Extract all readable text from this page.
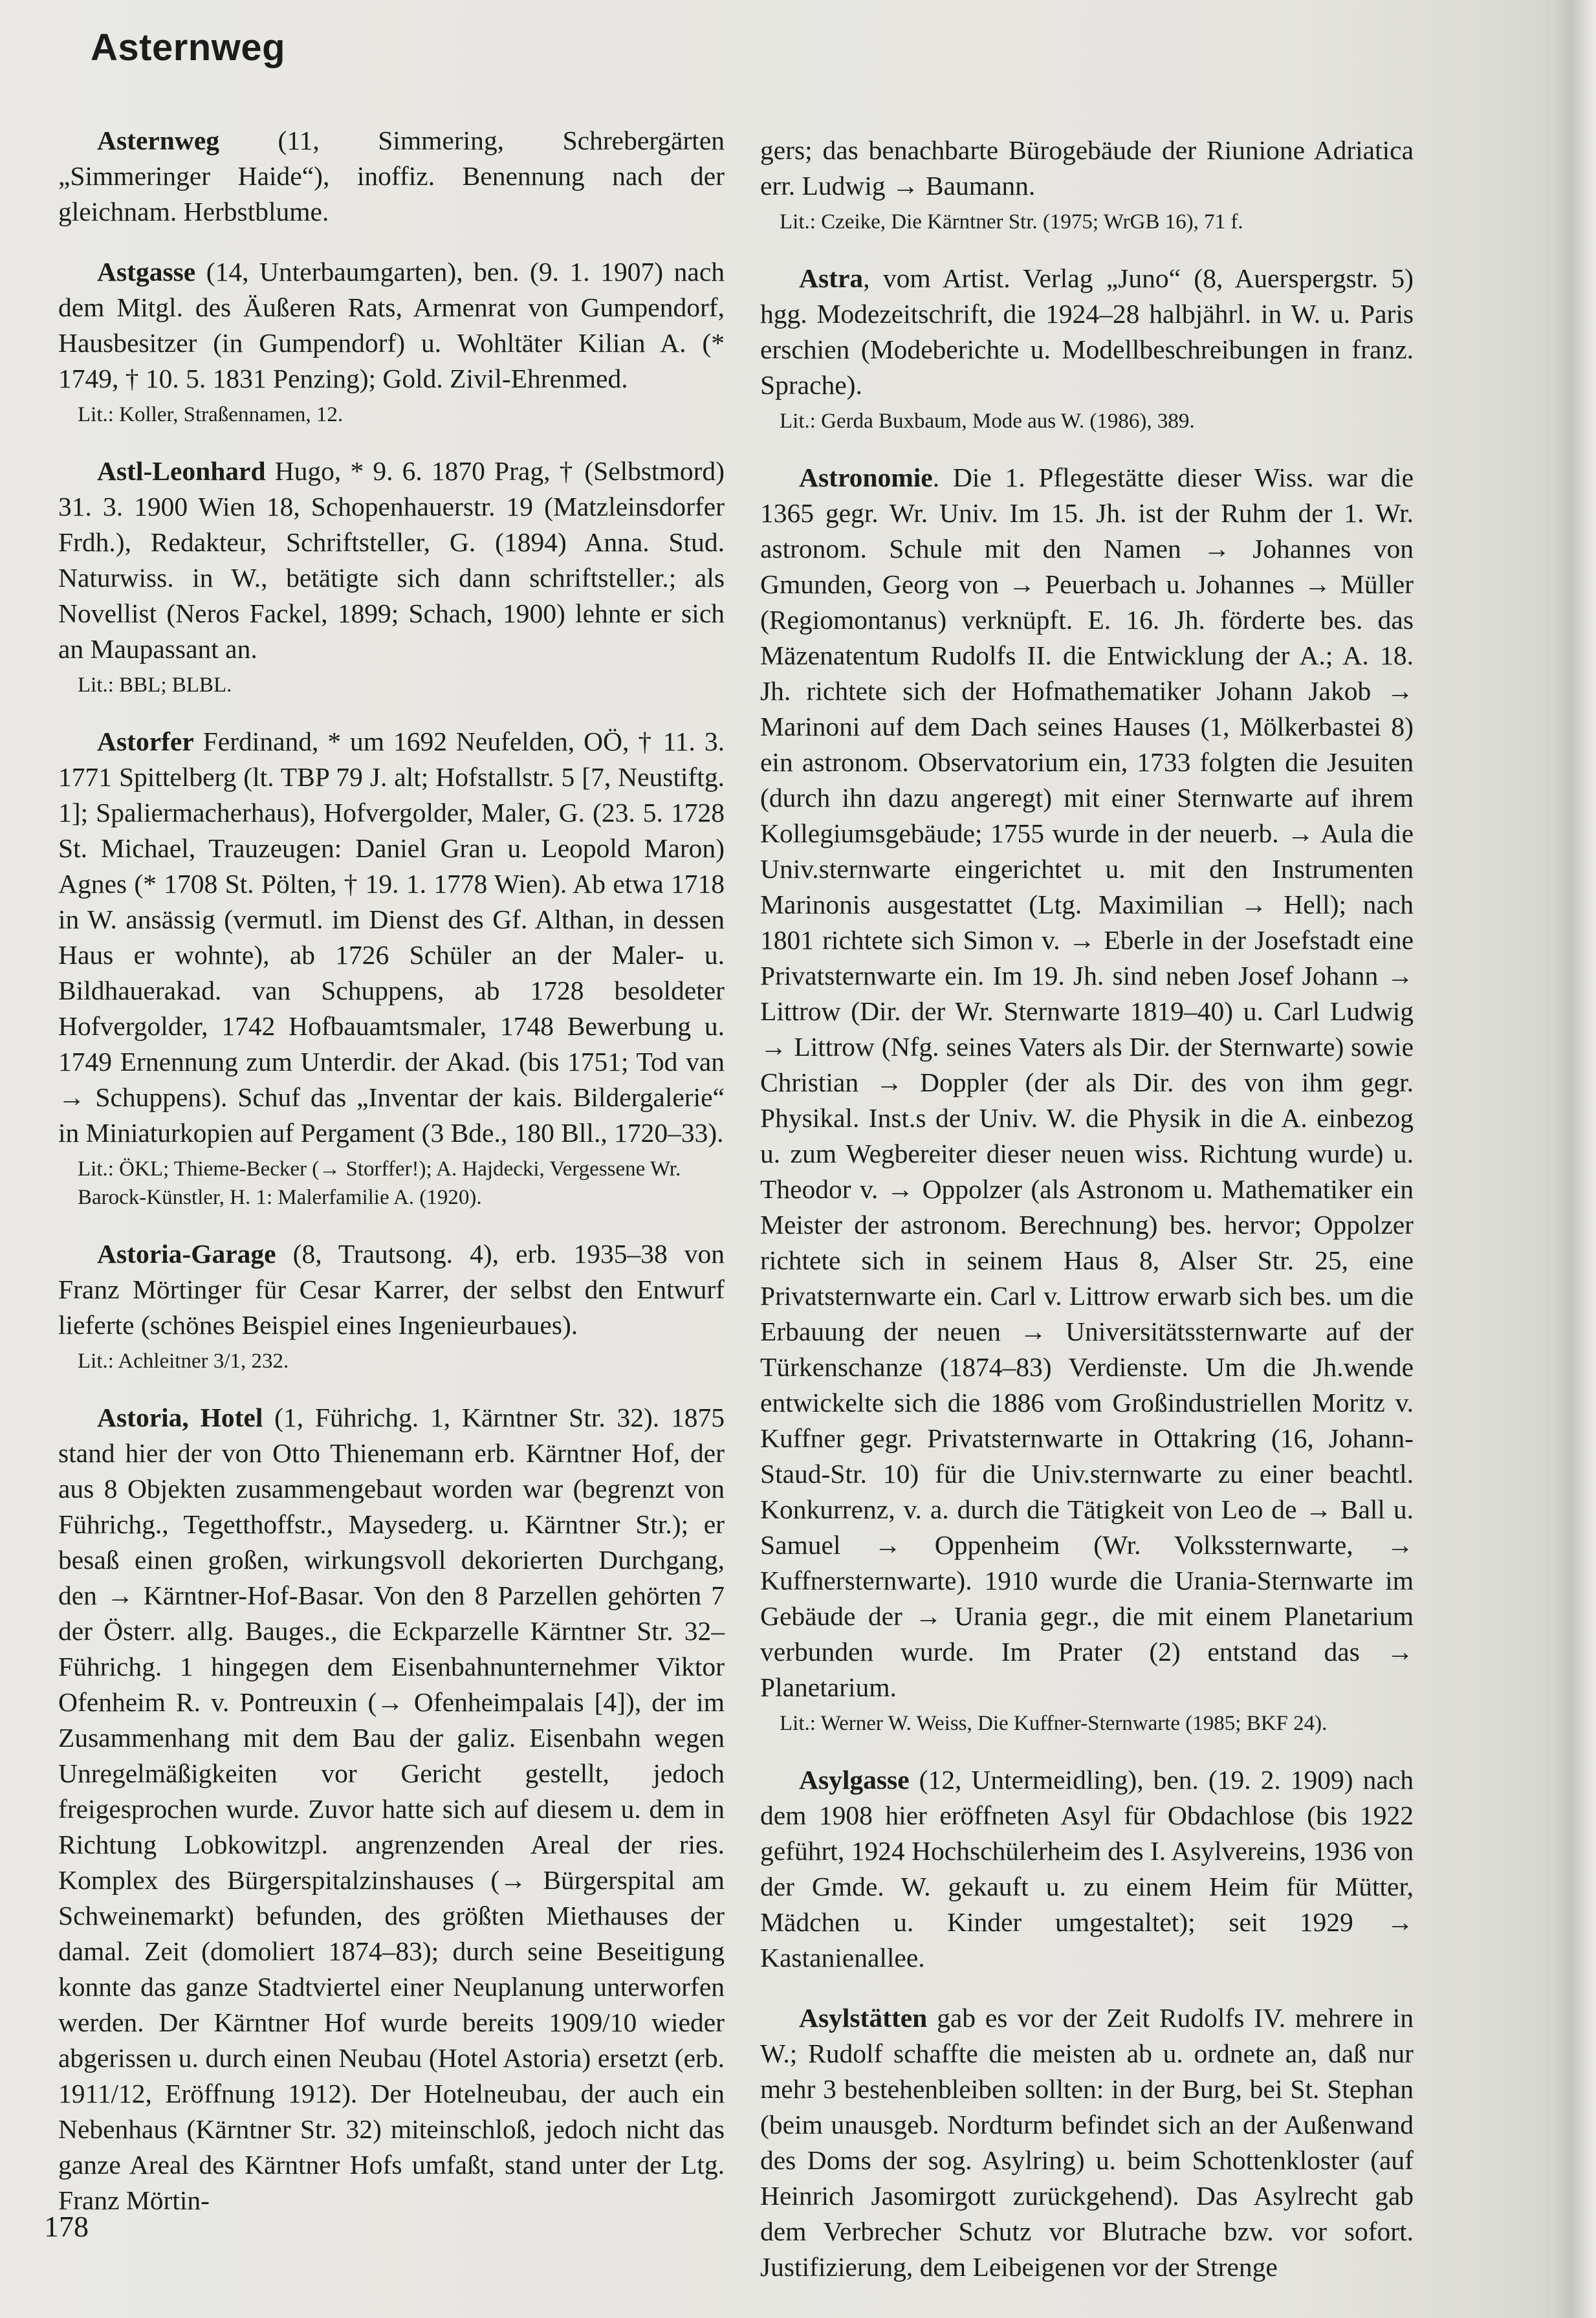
Asternweg

Asternweg (11, Simmering, Schrebergärten „Simmeringer Haide“), inoffiz. Benennung nach der gleichnam. Herbstblume.

Astgasse (14, Unterbaumgarten), ben. (9. 1. 1907) nach dem Mitgl. des Äußeren Rats, Armenrat von Gumpendorf, Hausbesitzer (in Gumpendorf) u. Wohltäter Kilian A. (* 1749, † 10. 5. 1831 Penzing); Gold. Zivil-Ehrenmed.

Lit.: Koller, Straßennamen, 12.

Astl-Leonhard Hugo, * 9. 6. 1870 Prag, † (Selbstmord) 31. 3. 1900 Wien 18, Schopenhauerstr. 19 (Matzleinsdorfer Frdh.), Redakteur, Schriftsteller, G. (1894) Anna. Stud. Naturwiss. in W., betätigte sich dann schriftsteller.; als Novellist (Neros Fackel, 1899; Schach, 1900) lehnte er sich an Maupassant an.

Lit.: BBL; BLBL.

Astorfer Ferdinand, * um 1692 Neufelden, OÖ, † 11. 3. 1771 Spittelberg (lt. TBP 79 J. alt; Hofstallstr. 5 [7, Neustiftg. 1]; Spaliermacherhaus), Hofvergolder, Maler, G. (23. 5. 1728 St. Michael, Trauzeugen: Daniel Gran u. Leopold Maron) Agnes (* 1708 St. Pölten, † 19. 1. 1778 Wien). Ab etwa 1718 in W. ansässig (vermutl. im Dienst des Gf. Althan, in dessen Haus er wohnte), ab 1726 Schüler an der Maler- u. Bildhauerakad. van Schuppens, ab 1728 besoldeter Hofvergolder, 1742 Hofbauamtsmaler, 1748 Bewerbung u. 1749 Ernennung zum Unterdir. der Akad. (bis 1751; Tod van → Schuppens). Schuf das „Inventar der kais. Bildergalerie“ in Miniaturkopien auf Pergament (3 Bde., 180 Bll., 1720–33).

Lit.: ÖKL; Thieme-Becker (→ Storffer!); A. Hajdecki, Vergessene Wr. Barock-Künstler, H. 1: Malerfamilie A. (1920).

Astoria-Garage (8, Trautsong. 4), erb. 1935–38 von Franz Mörtinger für Cesar Karrer, der selbst den Entwurf lieferte (schönes Beispiel eines Ingenieurbaues).

Lit.: Achleitner 3/1, 232.

Astoria, Hotel (1, Führichg. 1, Kärntner Str. 32). 1875 stand hier der von Otto Thienemann erb. Kärntner Hof, der aus 8 Objekten zusammengebaut worden war (begrenzt von Führichg., Tegetthoffstr., Maysederg. u. Kärntner Str.); er besaß einen großen, wirkungsvoll dekorierten Durchgang, den → Kärntner-Hof-Basar. Von den 8 Parzellen gehörten 7 der Österr. allg. Bauges., die Eckparzelle Kärntner Str. 32–Führichg. 1 hingegen dem Eisenbahnunternehmer Viktor Ofenheim R. v. Pontreuxin (→ Ofenheimpalais [4]), der im Zusammenhang mit dem Bau der galiz. Eisenbahn wegen Unregelmäßigkeiten vor Gericht gestellt, jedoch freigesprochen wurde. Zuvor hatte sich auf diesem u. dem in Richtung Lobkowitzpl. angrenzenden Areal der ries. Komplex des Bürgerspitalzinshauses (→ Bürgerspital am Schweinemarkt) befunden, des größten Miethauses der damal. Zeit (domoliert 1874–83); durch seine Beseitigung konnte das ganze Stadtviertel einer Neuplanung unterworfen werden. Der Kärntner Hof wurde bereits 1909/10 wieder abgerissen u. durch einen Neubau (Hotel Astoria) ersetzt (erb. 1911/12, Eröffnung 1912). Der Hotelneubau, der auch ein Nebenhaus (Kärntner Str. 32) miteinschloß, jedoch nicht das ganze Areal des Kärntner Hofs umfaßt, stand unter der Ltg. Franz Mörtin-

gers; das benachbarte Bürogebäude der Riunione Adriatica err. Ludwig → Baumann.

Lit.: Czeike, Die Kärntner Str. (1975; WrGB 16), 71 f.

Astra, vom Artist. Verlag „Juno“ (8, Auerspergstr. 5) hgg. Modezeitschrift, die 1924–28 halbjährl. in W. u. Paris erschien (Modeberichte u. Modellbeschreibungen in franz. Sprache).

Lit.: Gerda Buxbaum, Mode aus W. (1986), 389.

Astronomie. Die 1. Pflegestätte dieser Wiss. war die 1365 gegr. Wr. Univ. Im 15. Jh. ist der Ruhm der 1. Wr. astronom. Schule mit den Namen → Johannes von Gmunden, Georg von → Peuerbach u. Johannes → Müller (Regiomontanus) verknüpft. E. 16. Jh. förderte bes. das Mäzenatentum Rudolfs II. die Entwicklung der A.; A. 18. Jh. richtete sich der Hofmathematiker Johann Jakob → Marinoni auf dem Dach seines Hauses (1, Mölkerbastei 8) ein astronom. Observatorium ein, 1733 folgten die Jesuiten (durch ihn dazu angeregt) mit einer Sternwarte auf ihrem Kollegiumsgebäude; 1755 wurde in der neuerb. → Aula die Univ.sternwarte eingerichtet u. mit den Instrumenten Marinonis ausgestattet (Ltg. Maximilian → Hell); nach 1801 richtete sich Simon v. → Eberle in der Josefstadt eine Privatsternwarte ein. Im 19. Jh. sind neben Josef Johann → Littrow (Dir. der Wr. Sternwarte 1819–40) u. Carl Ludwig → Littrow (Nfg. seines Vaters als Dir. der Sternwarte) sowie Christian → Doppler (der als Dir. des von ihm gegr. Physikal. Inst.s der Univ. W. die Physik in die A. einbezog u. zum Wegbereiter dieser neuen wiss. Richtung wurde) u. Theodor v. → Oppolzer (als Astronom u. Mathematiker ein Meister der astronom. Berechnung) bes. hervor; Oppolzer richtete sich in seinem Haus 8, Alser Str. 25, eine Privatsternwarte ein. Carl v. Littrow erwarb sich bes. um die Erbauung der neuen → Universitätssternwarte auf der Türkenschanze (1874–83) Verdienste. Um die Jh.wende entwickelte sich die 1886 vom Großindustriellen Moritz v. Kuffner gegr. Privatsternwarte in Ottakring (16, Johann-Staud-Str. 10) für die Univ.sternwarte zu einer beachtl. Konkurrenz, v. a. durch die Tätigkeit von Leo de → Ball u. Samuel → Oppenheim (Wr. Volkssternwarte, → Kuffnersternwarte). 1910 wurde die Urania-Sternwarte im Gebäude der → Urania gegr., die mit einem Planetarium verbunden wurde. Im Prater (2) entstand das → Planetarium.

Lit.: Werner W. Weiss, Die Kuffner-Sternwarte (1985; BKF 24).

Asylgasse (12, Untermeidling), ben. (19. 2. 1909) nach dem 1908 hier eröffneten Asyl für Obdachlose (bis 1922 geführt, 1924 Hochschülerheim des I. Asylvereins, 1936 von der Gmde. W. gekauft u. zu einem Heim für Mütter, Mädchen u. Kinder umgestaltet); seit 1929 → Kastanienallee.

Asylstätten gab es vor der Zeit Rudolfs IV. mehrere in W.; Rudolf schaffte die meisten ab u. ordnete an, daß nur mehr 3 bestehenbleiben sollten: in der Burg, bei St. Stephan (beim unausgeb. Nordturm befindet sich an der Außenwand des Doms der sog. Asylring) u. beim Schottenkloster (auf Heinrich Jasomirgott zurückgehend). Das Asylrecht gab dem Verbrecher Schutz vor Blutrache bzw. vor sofort. Justifizierung, dem Leibeigenen vor der Strenge

178
